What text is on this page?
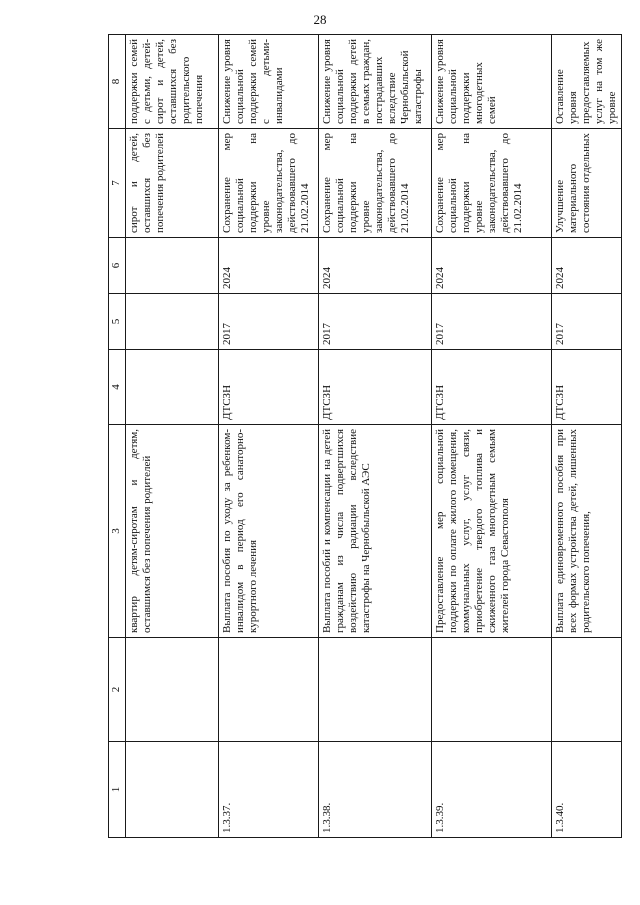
28
1	2	3	4	5	6	7	8
		квартир детям-сиротам и детям, оставшимся без попечения родителей				сирот и детей, оставшихся без попечения родителей	поддержки семей с детьми, детей-сирот и детей, оставшихся без родительского попечения
1.3.37.		Выплата пособия по уходу за ребенком-инвалидом в период его санаторно-курортного лечения	ДТСЗН	2017	2024	Сохранение мер социальной поддержки на уровне законодательства, действовавшего до 21.02.2014	Снижение уровня социальной поддержки семей с детьми-инвалидами
1.3.38.		Выплата пособий и компенсации на детей гражданам из числа подвергшихся воздействию радиации вследствие катастрофы на Чернобыльской АЭС	ДТСЗН	2017	2024	Сохранение мер социальной поддержки на уровне законодательства, действовавшего до 21.02.2014	Снижение уровня социальной поддержки детей в семьях граждан, пострадавших вследствие Чернобыльской катастрофы
1.3.39.		Предоставление мер социальной поддержки по оплате жилого помещения, коммунальных услуг, услуг связи, приобретение твердого топлива и сжиженного газа многодетным семьям жителей города Севастополя	ДТСЗН	2017	2024	Сохранение мер социальной поддержки на уровне законодательства, действовавшего до 21.02.2014	Снижение уровня социальной поддержки многодетных семей
1.3.40.		Выплата единовременного пособия при всех формах устройства детей, лишенных родительского попечения,	ДТСЗН	2017	2024	Улучшение материального состояния отдельных	Оставление уровня предоставляемых услуг на том же уровне
